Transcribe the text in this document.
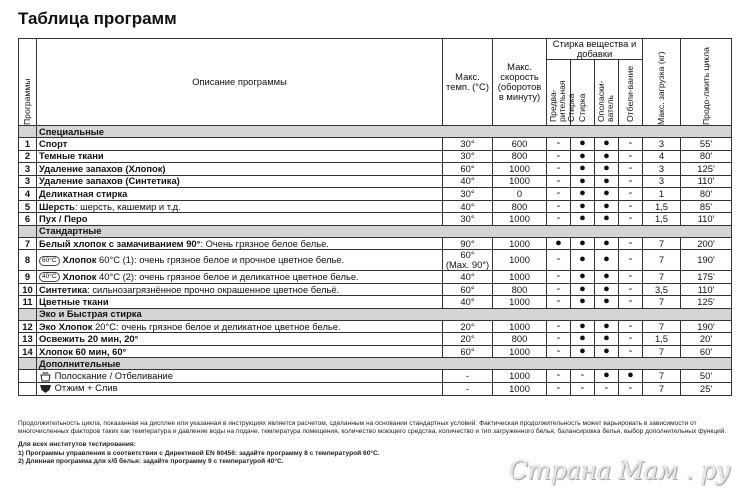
Таблица программ
Программы	Описание программы	Макс. темп. (°С)	Макс. скорость (оборотов в минуту)	Стирка вещества и добавки				Макс. загрузка (кг)	Продо-лжить цикла

				Предва-рительная Стирка	Стирка	Ополаски-ватель	Отбели-вание		

	Специальные								
1	Спорт	30°	600	-	●	●	-	3	55'
2	Темные ткани	30°	800	-	●	●	-	4	80'
3	Удаление запахов (Хлопок)	60°	1000	-	●	●	-	3	125'
3	Удаление запахов (Синтетика)	40°	1000	-	●	●	-	3	110'
4	Деликатная стирка	30°	0	-	●	●	-	1	80'
5	Шерсть: шерсть, кашемир и т.д.	40°	800	-	●	●	-	1,5	85'
6	Пух / Перо	30°	1000	-	●	●	-	1,5	110'
	Стандартные								
7	Белый хлопок с замачиванием 90°: Очень грязное белое белье.	90°	1000	●	●	●	-	7	200'
8	60°C Хлопок 60°C (1): очень грязное белое и прочное цветное белье.	60°
(Max. 90°)	1000	-	●	●	-	7	190'
9	40°C Хлопок 40°C (2): очень грязное белое и деликатное цветное белье.	40°	1000	-	●	●	-	7	175'
10	Синтетика: сильнозагрязнённое прочно окрашенное цветное бельё.	60°	800	-	●	●	-	3,5	110'
11	Цветные ткани	40°	1000	-	●	●	-	7	125'
	Эко и Быстрая стирка								
12	Эко Хлопок 20°C: очень грязное белое и деликатное цветное белье.	20°	1000	-	●	●	-	7	190'
13	Освежить 20 мин, 20°	20°	800	-	●	●	-	1,5	20'
14	Хлопок 60 мин, 60°	60°	1000	-	●	●	-	7	60'
	Дополнительные								
	Полоскание / Отбеливание	-	1000	-	-	●	●	7	50'
	Отжим + Слив	-	1000	-	-	-	-	7	25'
Продолжительность цикла, показанная на дисплее или указанная в инструкциях является расчетом, сделанным на основании стандартных условий. Фактическая продолжительность может варьировать в зависимости от многочисленных факторов таких как температура и давление воды на подаче, температура помещения, количество моющего средства, количество и тип загруженного белья, балансировка белья, выбор дополнительных функций.
Для всех институтов тестирования:
1) Программы управления в соответствии с Директивой EN 60456: задайте программу 8 с температурой 60°C.
2) Длинная программа для х/б белья: задайте программу 9 с температурой 40°C.	Страна Мам . ру
